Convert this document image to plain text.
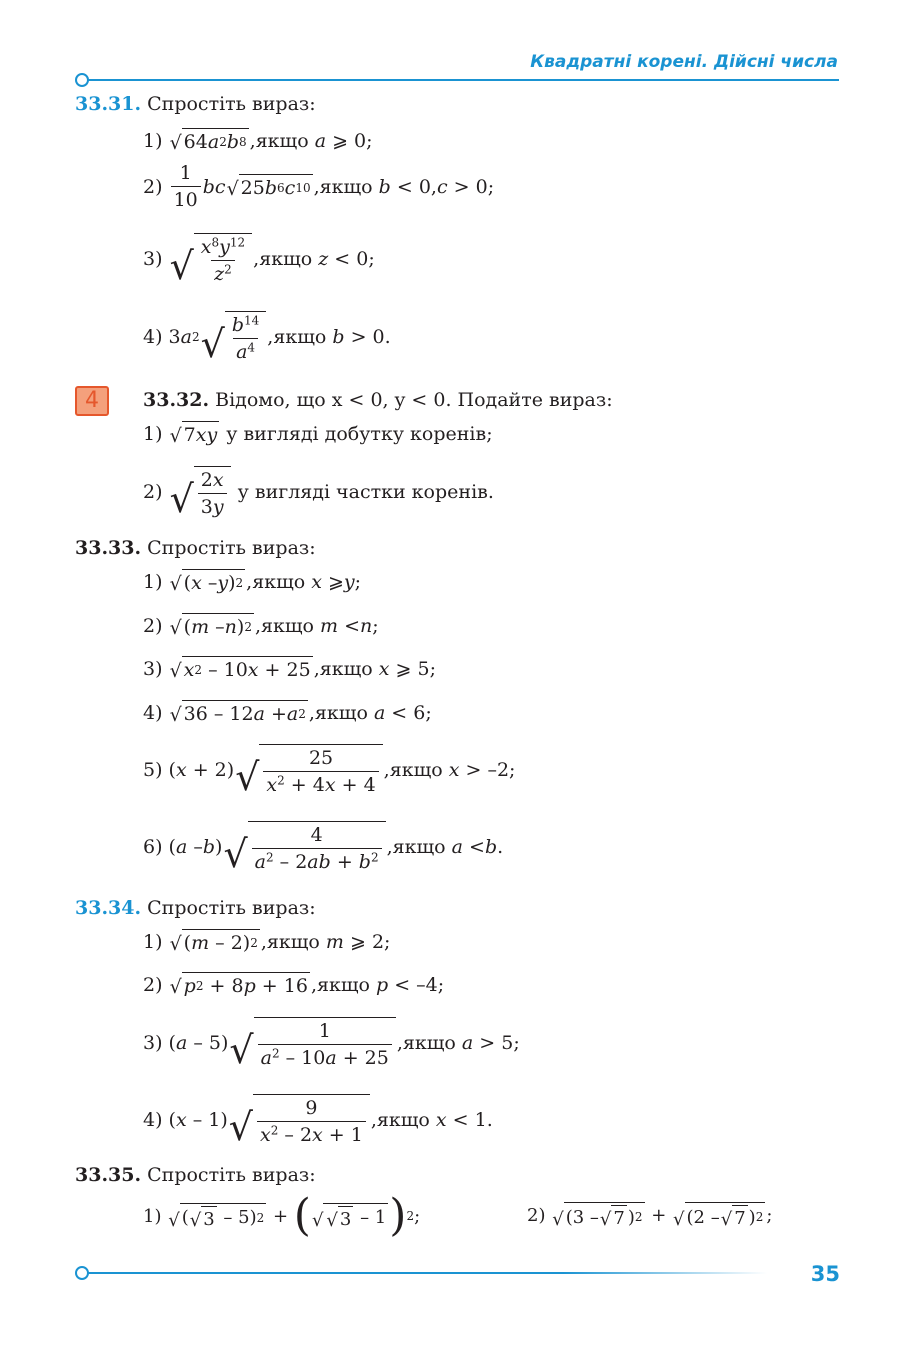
Квадратні корені. Дійсні числа
33.31. Спростіть вираз:
1)
√ 64 a 2 b 8 , якщо
a ⩾ 0;
2)
$\frac{1}{10}$ bc √ 25 b 6 c 10 , якщо
b < 0, c > 0;
3)
√ $\frac{x^8y^{12}}{z^2}$ , якщо
z < 0;
4) 3 a 2 √ $\frac{b^{14}}{a^4}$ , якщо
b > 0.
4	33.32. Відомо, що x < 0, y < 0. Подайте вираз:
1)
√ 7 xy
у вигляді добутку коренів;
2)
√ $\frac{2x}{3y}$
у вигляді частки коренів.
33.33. Спростіть вираз:
1)
√ ( x – y ) 2 , якщо
x ⩾ y ;
2)
√ ( m – n ) 2 , якщо
m < n ;
3)
√ x 2 – 10 x + 25 , якщо
x ⩾ 5;
4)
√ 36 – 12 a + a 2 , якщо
a < 6;
5) ( x + 2) √ $\frac{25}{x^2 + 4x + 4}$ , якщо
x > –2;
6) ( a – b ) √ $\frac{4}{a^2 - 2ab + b^2}$ , якщо
a < b .
33.34. Спростіть вираз:
1)
√ ( m – 2) 2 , якщо
m ⩾ 2;
2)
√ p 2 + 8 p + 16 , якщо
p < –4;
3) ( a – 5) √ $\frac{1}{a^2 - 10a + 25}$ , якщо
a > 5;
4) ( x – 1) √ $\frac{9}{x^2 - 2x + 1}$ , якщо
x < 1.
33.35. Спростіть вираз:
1)
√ ( √ 3 – 5) 2 + ( √ √ 3 – 1 ) 2 ;	2)
√ (3 – √ 7 ) 2 + √ (2 – √ 7 ) 2 ;
35
